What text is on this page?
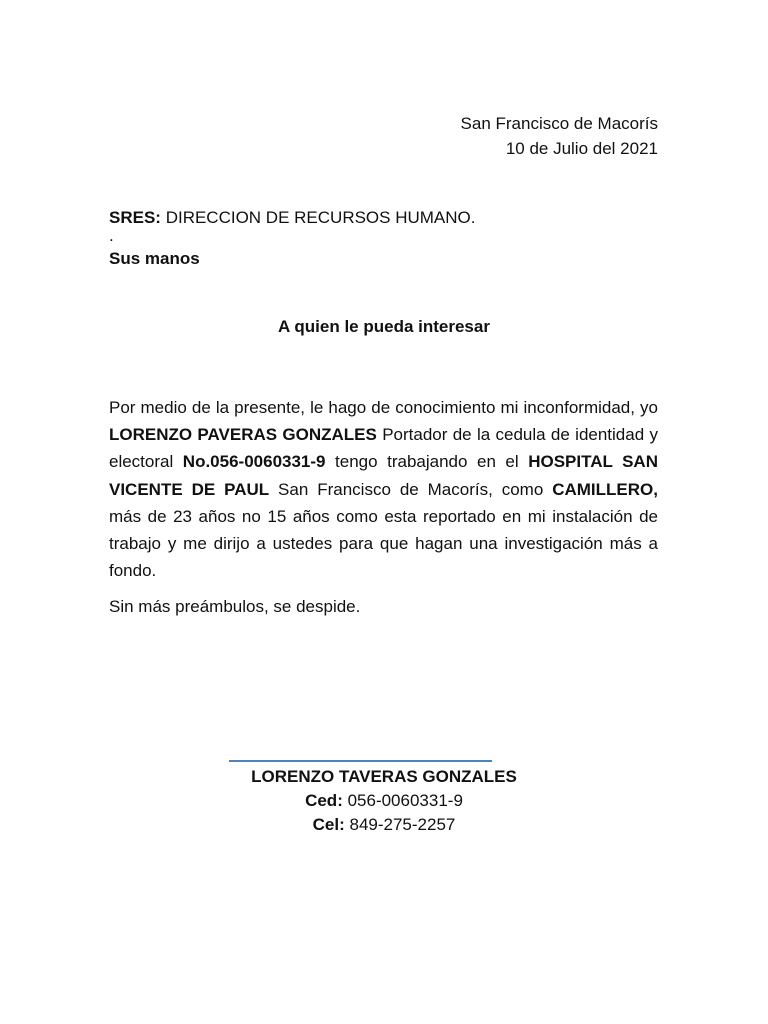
San Francisco de Macorís
10 de Julio del 2021
SRES: DIRECCION DE RECURSOS HUMANO.
.
Sus manos
A quien le pueda interesar
Por medio de la presente, le hago de conocimiento mi inconformidad, yo LORENZO PAVERAS GONZALES Portador de la cedula de identidad y electoral No.056-0060331-9 tengo trabajando en el HOSPITAL SAN VICENTE DE PAUL San Francisco de Macorís, como CAMILLERO, más de 23 años no 15 años como esta reportado en mi instalación de trabajo y me dirijo a ustedes para que hagan una investigación más a fondo.
Sin más preámbulos, se despide.
LORENZO TAVERAS GONZALES
Ced: 056-0060331-9
Cel: 849-275-2257
